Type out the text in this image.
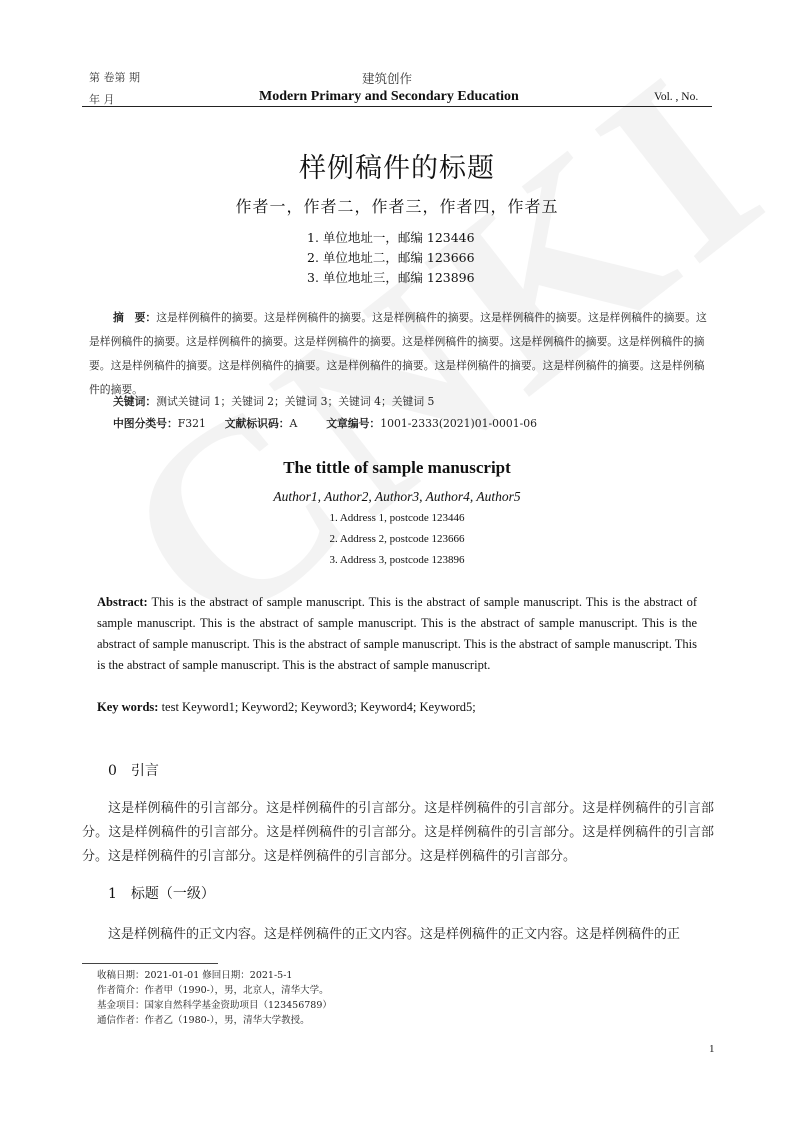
第 卷第 期
年 月
建筑创作
Modern Primary and Secondary Education	Vol. , No.
样例稿件的标题
作者一，作者二，作者三，作者四，作者五
1. 单位地址一，邮编 123446
2. 单位地址二，邮编 123666
3. 单位地址三，邮编 123896
摘　要：这是样例稿件的摘要。这是样例稿件的摘要。这是样例稿件的摘要。这是样例稿件的摘要。这是样例稿件的摘要。这是样例稿件的摘要。这是样例稿件的摘要。这是样例稿件的摘要。这是样例稿件的摘要。这是样例稿件的摘要。这是样例稿件的摘要。这是样例稿件的摘要。这是样例稿件的摘要。这是样例稿件的摘要。这是样例稿件的摘要。这是样例稿件的摘要。这是样例稿件的摘要。
关键词：测试关键词 1；关键词 2；关键词 3；关键词 4；关键词 5
中图分类号：F321 文献标识码：A	文章编号：1001-2333(2021)01-0001-06
The tittle of sample manuscript
Author1, Author2, Author3, Author4, Author5
1. Address 1, postcode 123446
2. Address 2, postcode 123666
3. Address 3, postcode 123896
Abstract: This is the abstract of sample manuscript. This is the abstract of sample manuscript. This is the abstract of sample manuscript. This is the abstract of sample manuscript. This is the abstract of sample manuscript. This is the abstract of sample manuscript. This is the abstract of sample manuscript. This is the abstract of sample manuscript. This is the abstract of sample manuscript. This is the abstract of sample manuscript.
Key words: test Keyword1; Keyword2; Keyword3; Keyword4; Keyword5;
0　引言
这是样例稿件的引言部分。这是样例稿件的引言部分。这是样例稿件的引言部分。这是样例稿件的引言部分。这是样例稿件的引言部分。这是样例稿件的引言部分。这是样例稿件的引言部分。这是样例稿件的引言部分。这是样例稿件的引言部分。这是样例稿件的引言部分。这是样例稿件的引言部分。
1　标题（一级）
这是样例稿件的正文内容。这是样例稿件的正文内容。这是样例稿件的正文内容。这是样例稿件的正
收稿日期：2021-01-01 修回日期：2021-5-1
作者简介：作者甲（1990-），男，北京人，清华大学。
基金项目：国家自然科学基金资助项目（123456789）
通信作者：作者乙（1980-），男，清华大学教授。
1
